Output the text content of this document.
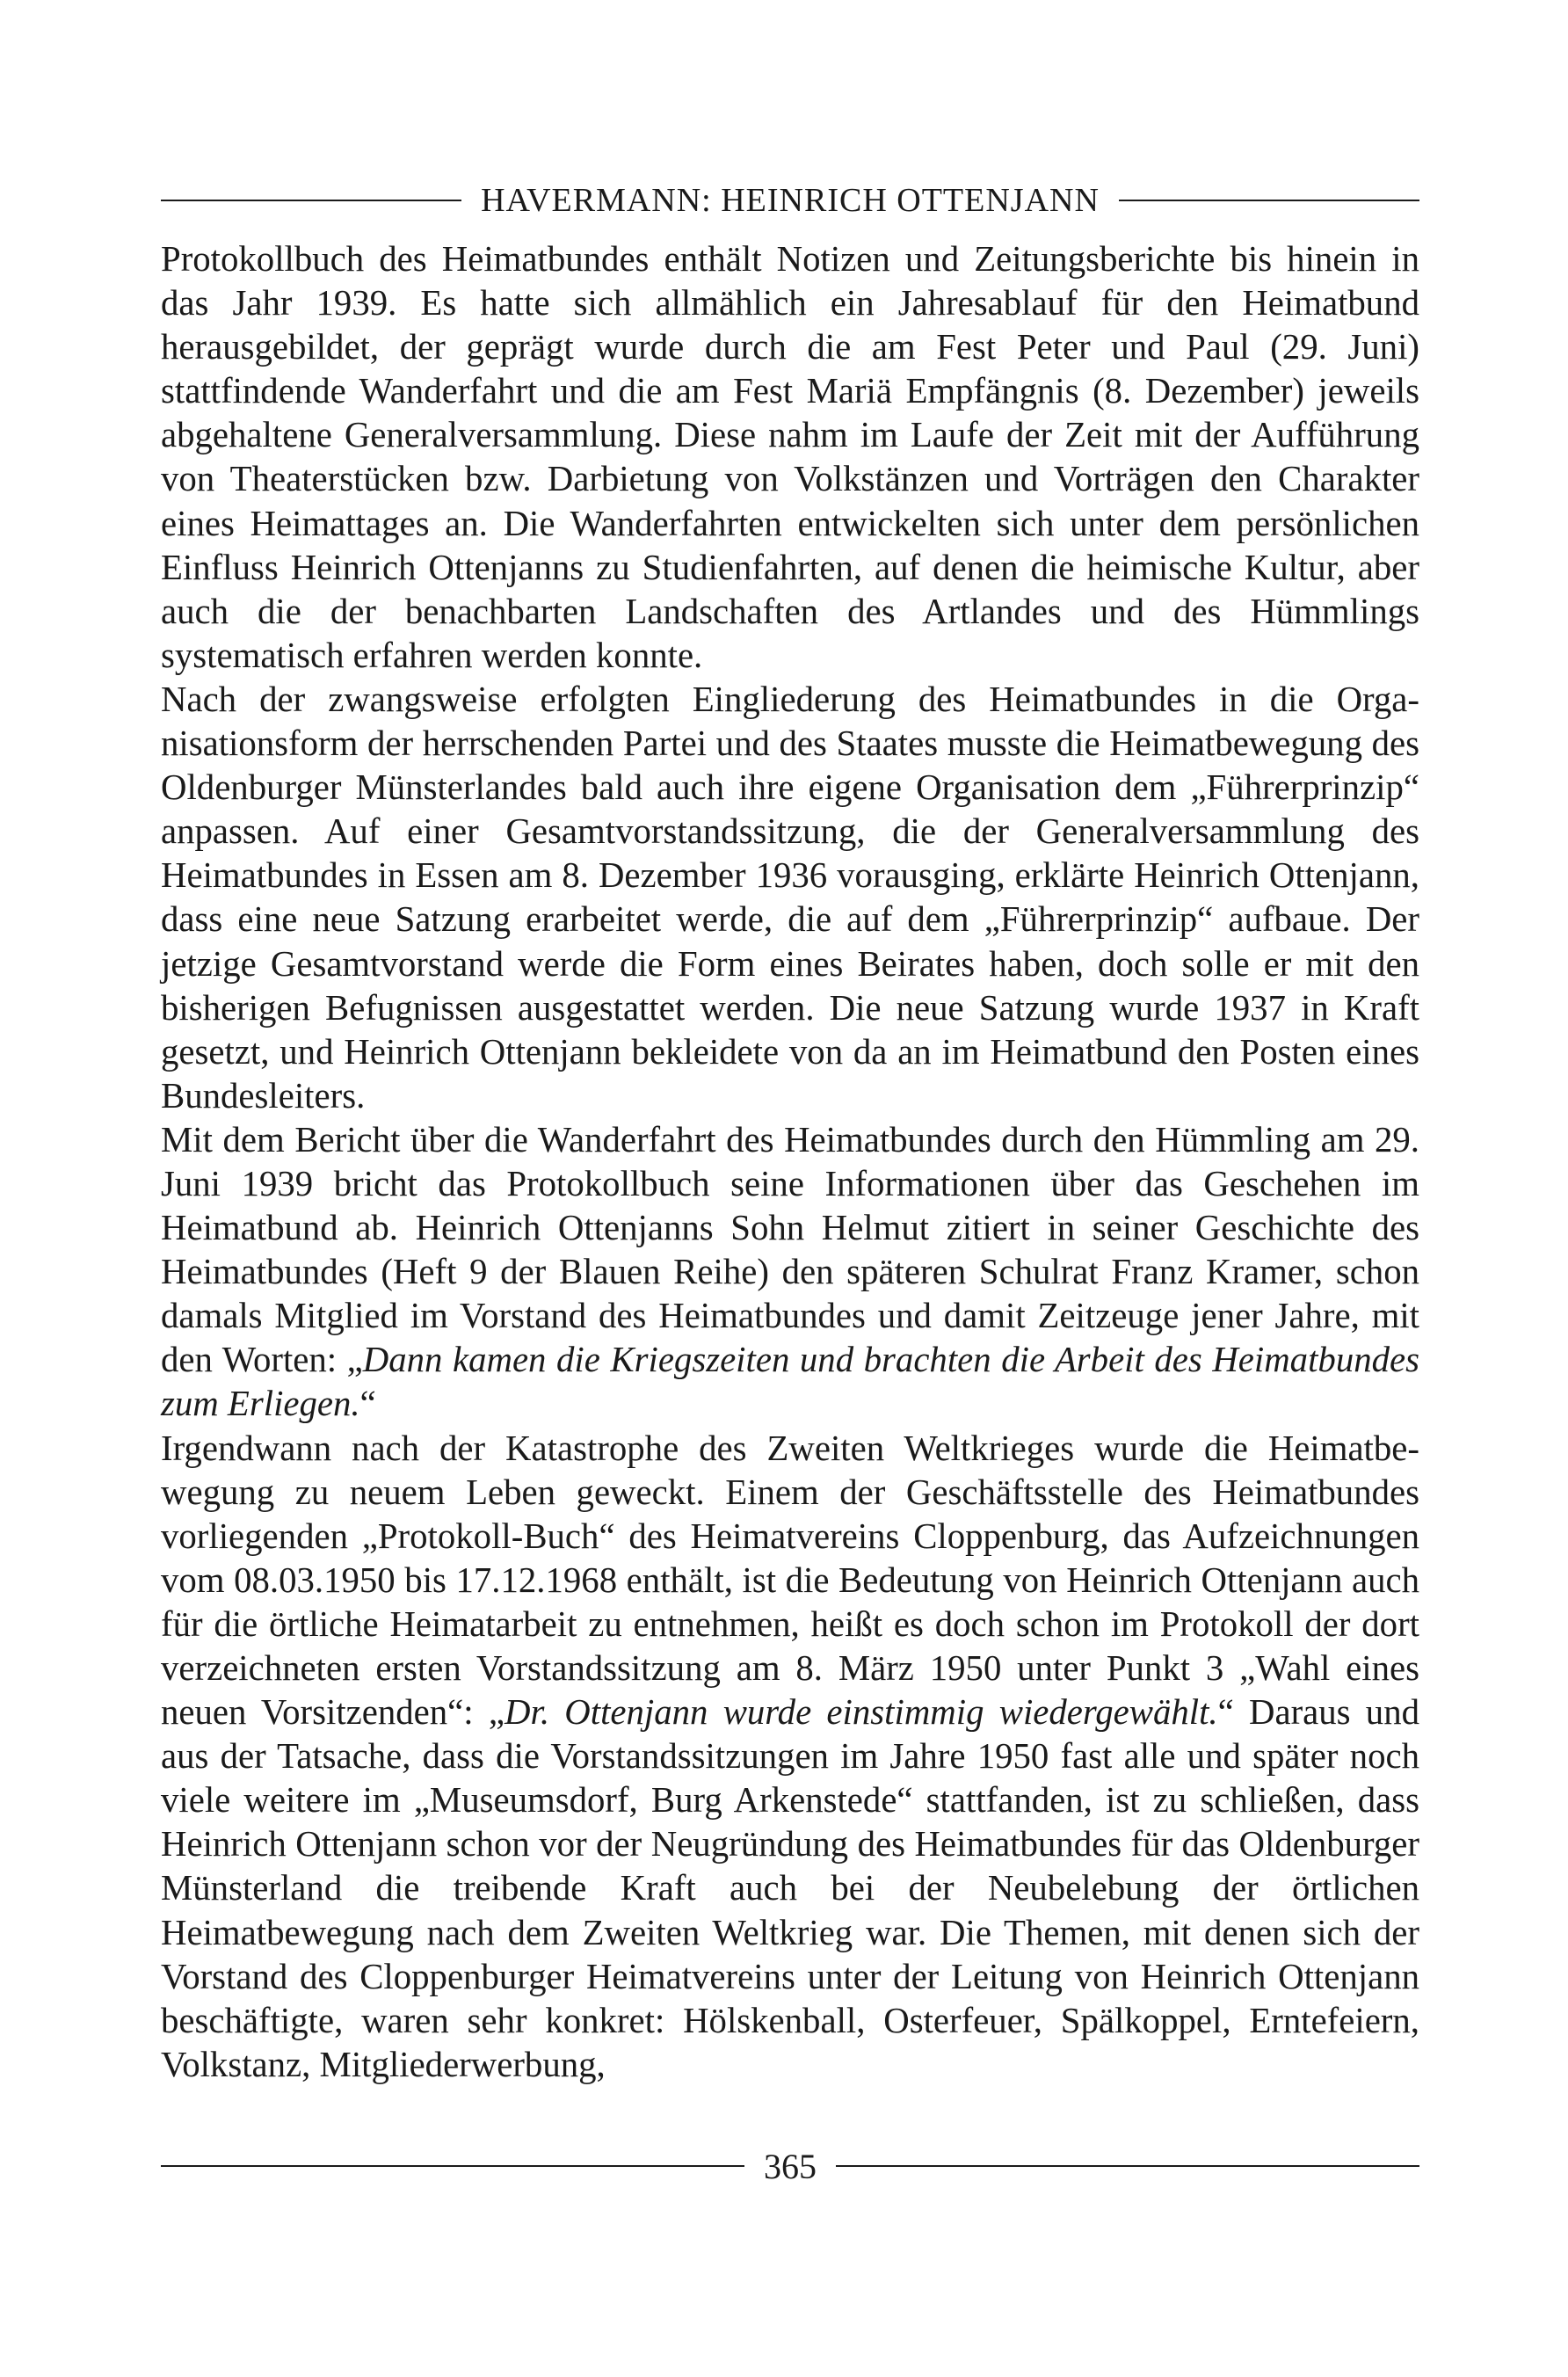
HAVERMANN: HEINRICH OTTENJANN

Protokollbuch des Heimatbundes enthält Notizen und Zeitungsberichte bis hinein in das Jahr 1939. Es hatte sich allmählich ein Jahresablauf für den Heimatbund herausgebildet, der geprägt wurde durch die am Fest Peter und Paul (29. Juni) stattfindende Wanderfahrt und die am Fest Mariä Empfängnis (8. Dezember) jeweils abgehaltene Generalversammlung. Diese nahm im Laufe der Zeit mit der Aufführung von Theaterstücken bzw. Darbietung von Volkstänzen und Vorträgen den Charakter eines Heimattages an. Die Wanderfahrten entwickelten sich unter dem persönlichen Einfluss Heinrich Ottenjanns zu Studienfahrten, auf denen die heimische Kultur, aber auch die der benachbarten Landschaften des Artlandes und des Hümmlings systematisch erfahren werden konnte.

Nach der zwangsweise erfolgten Eingliederung des Heimatbundes in die Organisationsform der herrschenden Partei und des Staates musste die Heimatbewegung des Oldenburger Münsterlandes bald auch ihre eigene Organisation dem „Führerprinzip“ anpassen. Auf einer Gesamtvorstandssitzung, die der Generalversammlung des Heimatbundes in Essen am 8. Dezember 1936 vorausging, erklärte Heinrich Ottenjann, dass eine neue Satzung erarbeitet werde, die auf dem „Führerprinzip“ aufbaue. Der jetzige Gesamtvorstand werde die Form eines Beirates haben, doch solle er mit den bisherigen Befugnissen ausgestattet werden. Die neue Satzung wurde 1937 in Kraft gesetzt, und Heinrich Ottenjann bekleidete von da an im Heimatbund den Posten eines Bundesleiters.

Mit dem Bericht über die Wanderfahrt des Heimatbundes durch den Hümmling am 29. Juni 1939 bricht das Protokollbuch seine Informationen über das Geschehen im Heimatbund ab. Heinrich Ottenjanns Sohn Helmut zitiert in seiner Geschichte des Heimatbundes (Heft 9 der Blauen Reihe) den späteren Schulrat Franz Kramer, schon damals Mitglied im Vorstand des Heimatbundes und damit Zeitzeuge jener Jahre, mit den Worten: „Dann kamen die Kriegszeiten und brachten die Arbeit des Heimatbundes zum Erliegen.“

Irgendwann nach der Katastrophe des Zweiten Weltkrieges wurde die Heimatbewegung zu neuem Leben geweckt. Einem der Geschäftsstelle des Heimatbundes vorliegenden „Protokoll-Buch“ des Heimatvereins Cloppenburg, das Aufzeichnungen vom 08.03.1950 bis 17.12.1968 enthält, ist die Bedeutung von Heinrich Ottenjann auch für die örtliche Heimatarbeit zu entnehmen, heißt es doch schon im Protokoll der dort verzeichneten ersten Vorstandssitzung am 8. März 1950 unter Punkt 3 „Wahl eines neuen Vorsitzenden“: „Dr. Ottenjann wurde einstimmig wiedergewählt.“ Daraus und aus der Tatsache, dass die Vorstandssitzungen im Jahre 1950 fast alle und später noch viele weitere im „Museumsdorf, Burg Arkenstede“ stattfanden, ist zu schließen, dass Heinrich Ottenjann schon vor der Neugründung des Heimatbundes für das Oldenburger Münsterland die treibende Kraft auch bei der Neubelebung der örtlichen Heimatbewegung nach dem Zweiten Weltkrieg war. Die Themen, mit denen sich der Vorstand des Cloppenburger Heimatvereins unter der Leitung von Heinrich Ottenjann beschäftigte, waren sehr konkret: Hölskenball, Osterfeuer, Spälkoppel, Erntefeiern, Volkstanz, Mitgliederwerbung,

365
